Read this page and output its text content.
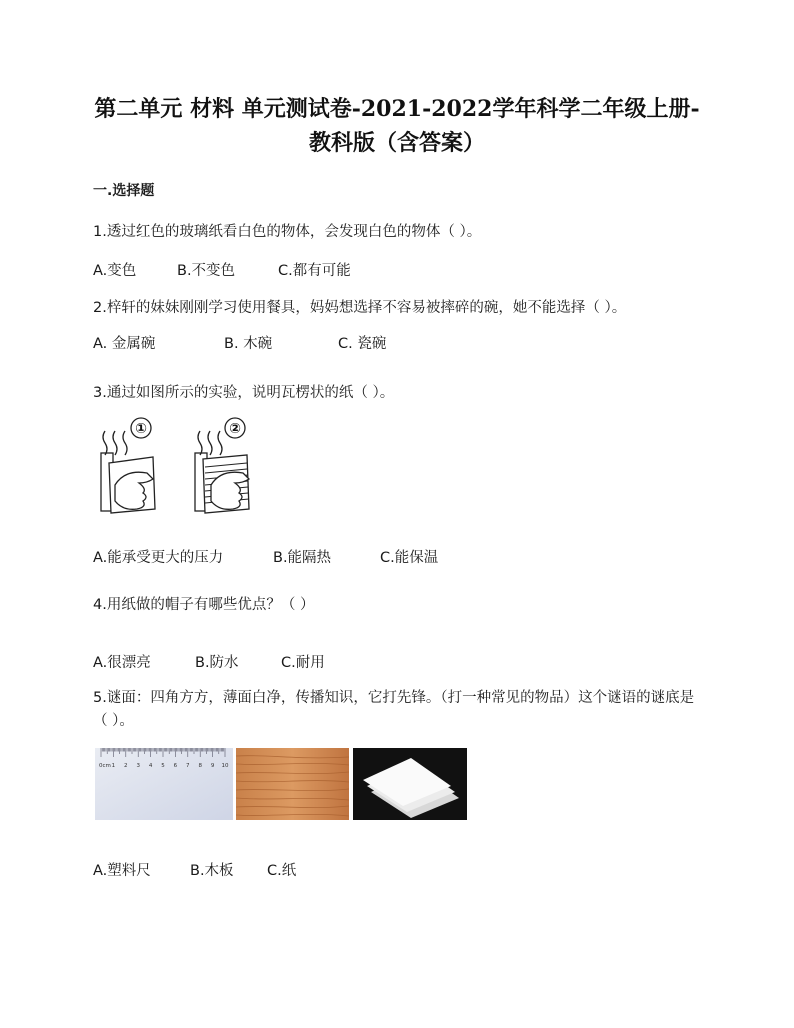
第二单元 材料 单元测试卷-2021-2022学年科学二年级上册-
教科版（含答案）
一.选择题
1.透过红色的玻璃纸看白色的物体，会发现白色的物体（ ）。
A.变色	B.不变色	C.都有可能
2.梓轩的妹妹刚刚学习使用餐具，妈妈想选择不容易被摔碎的碗，她不能选择（ ）。
A. 金属碗	B. 木碗	C. 瓷碗
3.通过如图所示的实验，说明瓦楞状的纸（ ）。
①	②
A.能承受更大的压力	B.能隔热	C.能保温
4.用纸做的帽子有哪些优点？（ ）
A.很漂亮	B.防水	C.耐用
5.谜面：四角方方，薄面白净，传播知识，它打先锋。（打一种常见的物品）这个谜语的谜底是（ ）。
0cm 1 2 3 4 5 6 7 8 9 10
A.塑料尺	B.木板 C.纸
